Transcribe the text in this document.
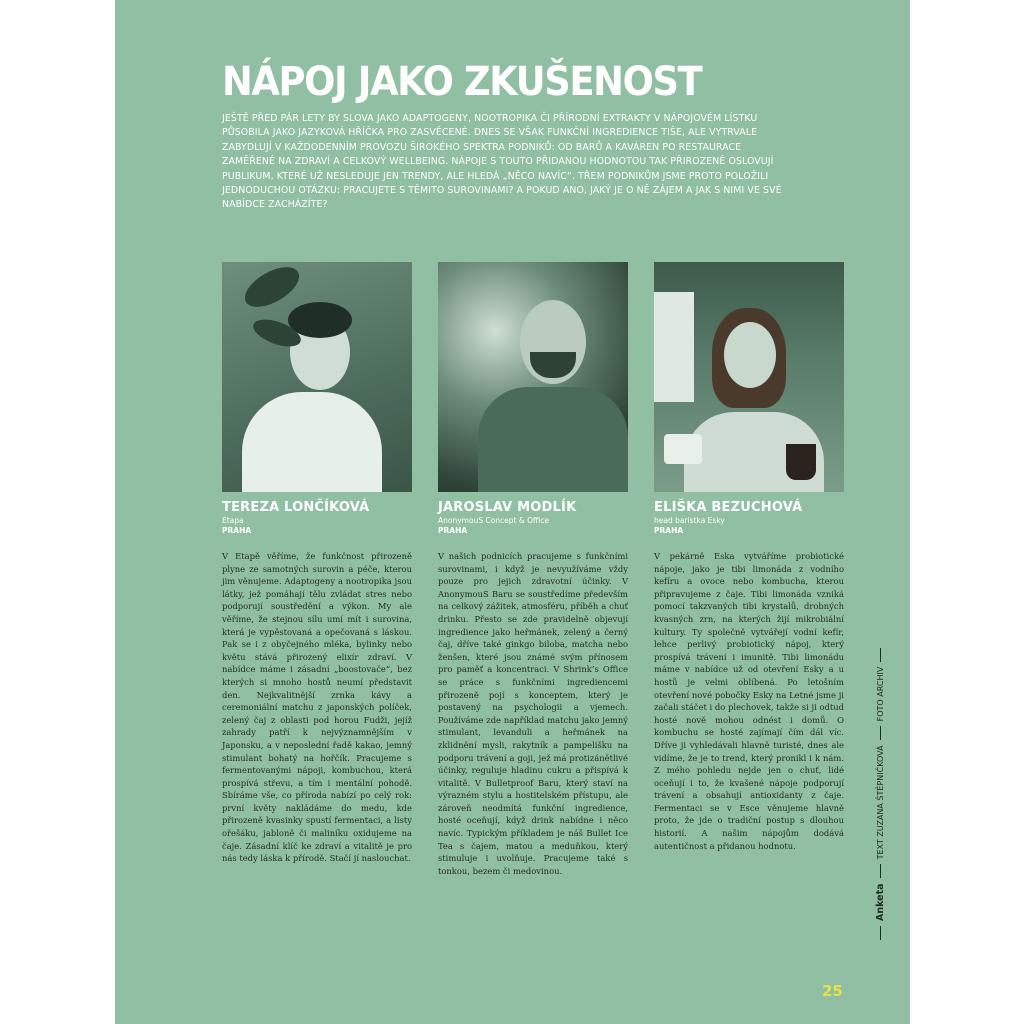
NÁPOJ JAKO ZKUŠENOST

JEŠTĚ PŘED PÁR LETY BY SLOVA JAKO ADAPTOGENY, NOOTROPIKA ČI PŘÍRODNÍ EXTRAKTY V NÁPOJOVÉM LÍSTKU PŮSOBILA JAKO JAZYKOVÁ HŘÍČKA PRO ZASVĚCENÉ. DNES SE VŠAK FUNKČNÍ INGREDIENCE TIŠE, ALE VYTRVALE ZABYDLUJÍ V KAŽDODENNÍM PROVOZU ŠIROKÉHO SPEKTRA PODNIKŮ: OD BARŮ A KAVÁREN PO RESTAURACE ZAMĚŘENÉ NA ZDRAVÍ A CELKOVÝ WELLBEING. NÁPOJE S TOUTO PŘIDANOU HODNOTOU TAK PŘIROZENĚ OSLOVUJÍ PUBLIKUM, KTERÉ UŽ NESLEDUJE JEN TRENDY, ALE HLEDÁ „NĚCO NAVÍC“. TŘEM PODNIKŮM JSME PROTO POLOŽILI JEDNODUCHOU OTÁZKU: PRACUJETE S TĚMITO SUROVINAMI? A POKUD ANO, JAKÝ JE O NĚ ZÁJEM A JAK S NIMI VE SVÉ NABÍDCE ZACHÁZÍTE?

TEREZA LONČÍKOVÁ

Etapa

PRAHA

V Etapě věříme, že funkčnost přirozeně plyne ze samotných surovin a péče, kterou jim věnujeme. Adaptogeny a nootropika jsou látky, jež pomáhají tělu zvládat stres nebo podporují soustředění a výkon. My ale věříme, že stejnou sílu umí mít i surovina, která je vypěstovaná a opečovaná s láskou. Pak se i z obyčejného mléka, bylinky nebo květu stává přirozený elixír zdraví. V nabídce máme i zásadní „boostovače“, bez kterých si mnoho hostů neumí představit den. Nejkvalitnější zrnka kávy a ceremoniální matchu z japonských políček, zelený čaj z oblasti pod horou Fudži, jejíž zahrady patří k nejvýznamnějším v Japonsku, a v neposlední řadě kakao, jemný stimulant bohatý na hořčík. Pracujeme s fermentovanými nápoji, kombuchou, která prospívá střevu, a tím i mentální pohodě. Sbíráme vše, co příroda nabízí po celý rok: první květy nakládáme do medu, kde přirozeně kvasinky spustí fermentaci, a listy ořešáku, jabloně či maliníku oxidujeme na čaje. Zásadní klíč ke zdraví a vitalitě je pro nás tedy láska k přírodě. Stačí jí naslouchat.

JAROSLAV MODLÍK

AnonymouS Concept & Office

PRAHA

V našich podnicích pracujeme s funkčními surovinami, i když je nevyužíváme vždy pouze pro jejich zdravotní účinky. V AnonymouS Baru se soustředíme především na celkový zážitek, atmosféru, příběh a chuť drinku. Přesto se zde pravidelně objevují ingredience jako heřmánek, zelený a černý čaj, dříve také ginkgo biloba, matcha nebo ženšen, které jsou známé svým přínosem pro paměť a koncentraci. V Shrink’s Office se práce s funkčními ingrediencemi přirozeně pojí s konceptem, který je postavený na psychologii a vjemech. Používáme zde například matchu jako jemný stimulant, levanduli a heřmánek na zklidnění mysli, rakytník a pampelišku na podporu trávení a goji, jež má protizánětlivé účinky, reguluje hladinu cukru a přispívá k vitalitě. V Bulletproof Baru, který staví na výrazném stylu a hostitelském přístupu, ale zároveň neodmítá funkční ingredience, hosté oceňují, když drink nabídne i něco navíc. Typickým příkladem je náš Bullet Ice Tea s čajem, matou a meduňkou, který stimuluje i uvolňuje. Pracujeme také s tonkou, bezem či medovinou.

ELIŠKA BEZUCHOVÁ

head baristka Esky

PRAHA

V pekárně Eska vytváříme probiotické nápoje, jako je tibi limonáda z vodního kefíru a ovoce nebo kombucha, kterou připravujeme z čaje. Tibi limonáda vzniká pomocí takzvaných tibi krystalů, drobných kvasných zrn, na kterých žijí mikrobiální kultury. Ty společně vytvářejí vodní kefír, lehce perlivý probiotický nápoj, který prospívá trávení i imunitě. Tibi limonádu máme v nabídce už od otevření Esky a u hostů je velmi oblíbená. Po letošním otevření nové pobočky Esky na Letné jsme ji začali stáčet i do plechovek, takže si ji odtud hosté nově mohou odnést i domů. O kombuchu se hosté zajímají čím dál víc. Dříve ji vyhledávali hlavně turisté, dnes ale vidíme, že je to trend, který pronikl i k nám. Z mého pohledu nejde jen o chuť, lidé oceňují i to, že kvašené nápoje podporují trávení a obsahují antioxidanty z čaje. Fermentaci se v Esce věnujeme hlavně proto, že jde o tradiční postup s dlouhou historií. A našim nápojům dodává autentičnost a přidanou hodnotu.

Anketa
TEXT ZUZANA ŠTĚPNIČKOVÁ
FOTO ARCHIV
25
